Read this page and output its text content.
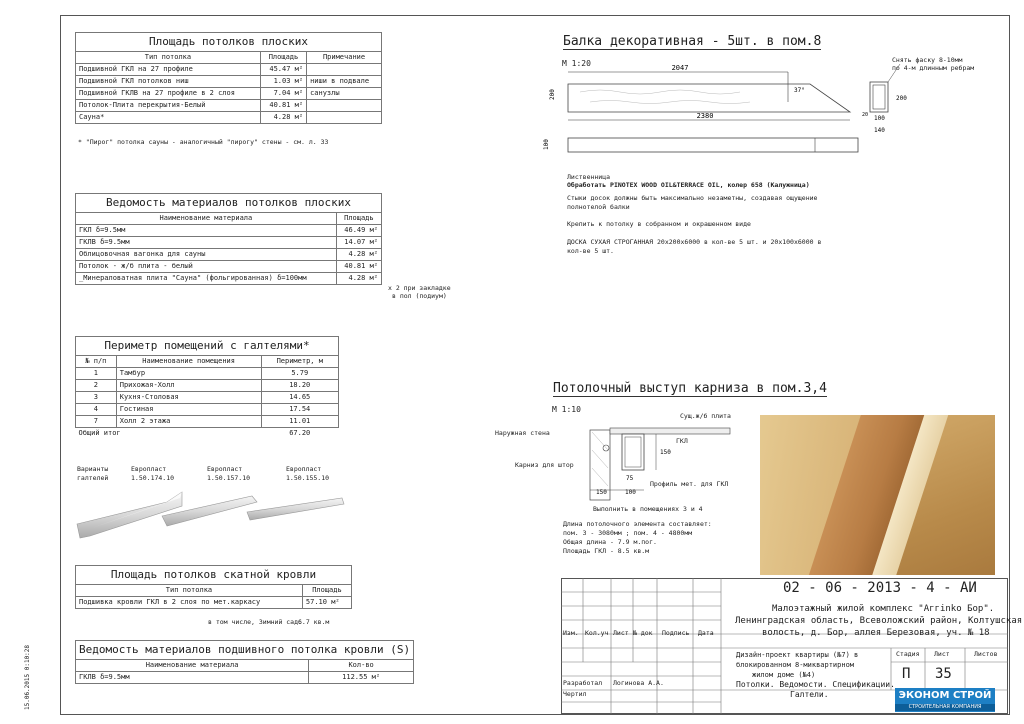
Площадь потолков плоских		
Тип потолка	Площадь	Примечание
Подшивной ГКЛ на 27 профиле	45.47 м²	
Подшивной ГКЛ потолков ниш	1.03 м²	ниши в подвале
Подшивной ГКЛВ на 27 профиле в 2 слоя	7.04 м²	санузлы
Потолок-Плита перекрытия-Белый	40.81 м²	
Сауна*	4.28 м²	
* "Пирог" потолка сауны - аналогичный "пирогу" стены - см. л. 33
Ведомость материалов потолков плоских	
Наименование материала	Площадь
ГКЛ δ=9.5мм	46.49 м²
ГКЛВ δ=9.5мм	14.07 м²
Облицовочная вагонка для сауны	4.28 м²
Потолок - ж/б плита - белый	40.81 м²
_Минераловатная плита "Сауна" (фольгированная) δ=100мм	4.28 м²
x 2 при закладке
в пол (подиум)
Периметр помещений с галтелями*		
№ п/п	Наименование помещения	Периметр, м
1	Тамбур	5.79
2	Прихожая-Холл	18.20
3	Кухня-Столовая	14.65
4	Гостиная	17.54
7	Холл 2 этажа	11.01
Общий итог		67.20
Варианты
галтелей
Европласт
1.50.174.10
Европласт
1.50.157.10
Европласт
1.50.155.10
Площадь потолков скатной кровли	
Тип потолка	Площадь
Подшивка кровли ГКЛ в 2 слоя по мет.каркасу	57.10 м²
в том числе, Зимний сад:
6.7 кв.м
Ведомость материалов подшивного потолка кровли (S)	
Наименование материала	Кол-во
ГКЛВ δ=9.5мм	112.55 м²
Балка декоративная - 5шт. в пом.8
М 1:20	2047
37°
200
2380
100
200
100
140
20
Снять фаску 8-10мм
по 4-м длинным ребрам
Лиственница
Обработать PINOTEX WOOD OIL&TERRACE OIL, колер 658 (Калужница)
Стыки досок должны быть максимально незаметны, создавая ощущение
полнотелой балки
Крепить к потолку в собранном и окрашенном виде
ДОСКА СУХАЯ СТРОГАННАЯ 20x200x6000 в кол-ве 5 шт. и 20x100x6000 в
кол-ве 5 шт.
Потолочный выступ карниза в пом.3,4
М 1:10
150	100
75
150
Сущ.ж/б плита
Наружная стена
ГКЛ
Карниз для штор
Профиль мет. для ГКЛ
Выполнить в помещениях 3 и 4
Длина потолочного элемента составляет:
пом. 3 - 3080мм ; пом. 4 - 4800мм
Общая длина - 7.9 м.пог.
Площадь ГКЛ - 8.5 кв.м
02 - 06 - 2013 - 4 - АИ
Малоэтажный жилой комплекс "Аггinko Бор".
Ленинградская область, Всеволожский район, Колтушская
волость, д. Бор, аллея Березовая, уч. № 18
Изм. Кол.уч Лист № док Подпись Дата
Дизайн-проект квартиры (№7) в
блокированном 8-миквартирном
жилом доме (№4)
Стадия Лист	Листов
П 35
Разработал Логинова А.А.
Чертил
Потолки. Ведомости. Спецификации.
Галтели.	ЭКОНОМ СТРОЙ
СТРОИТЕЛЬНАЯ КОМПАНИЯ
15.06.2015 0:10:28
